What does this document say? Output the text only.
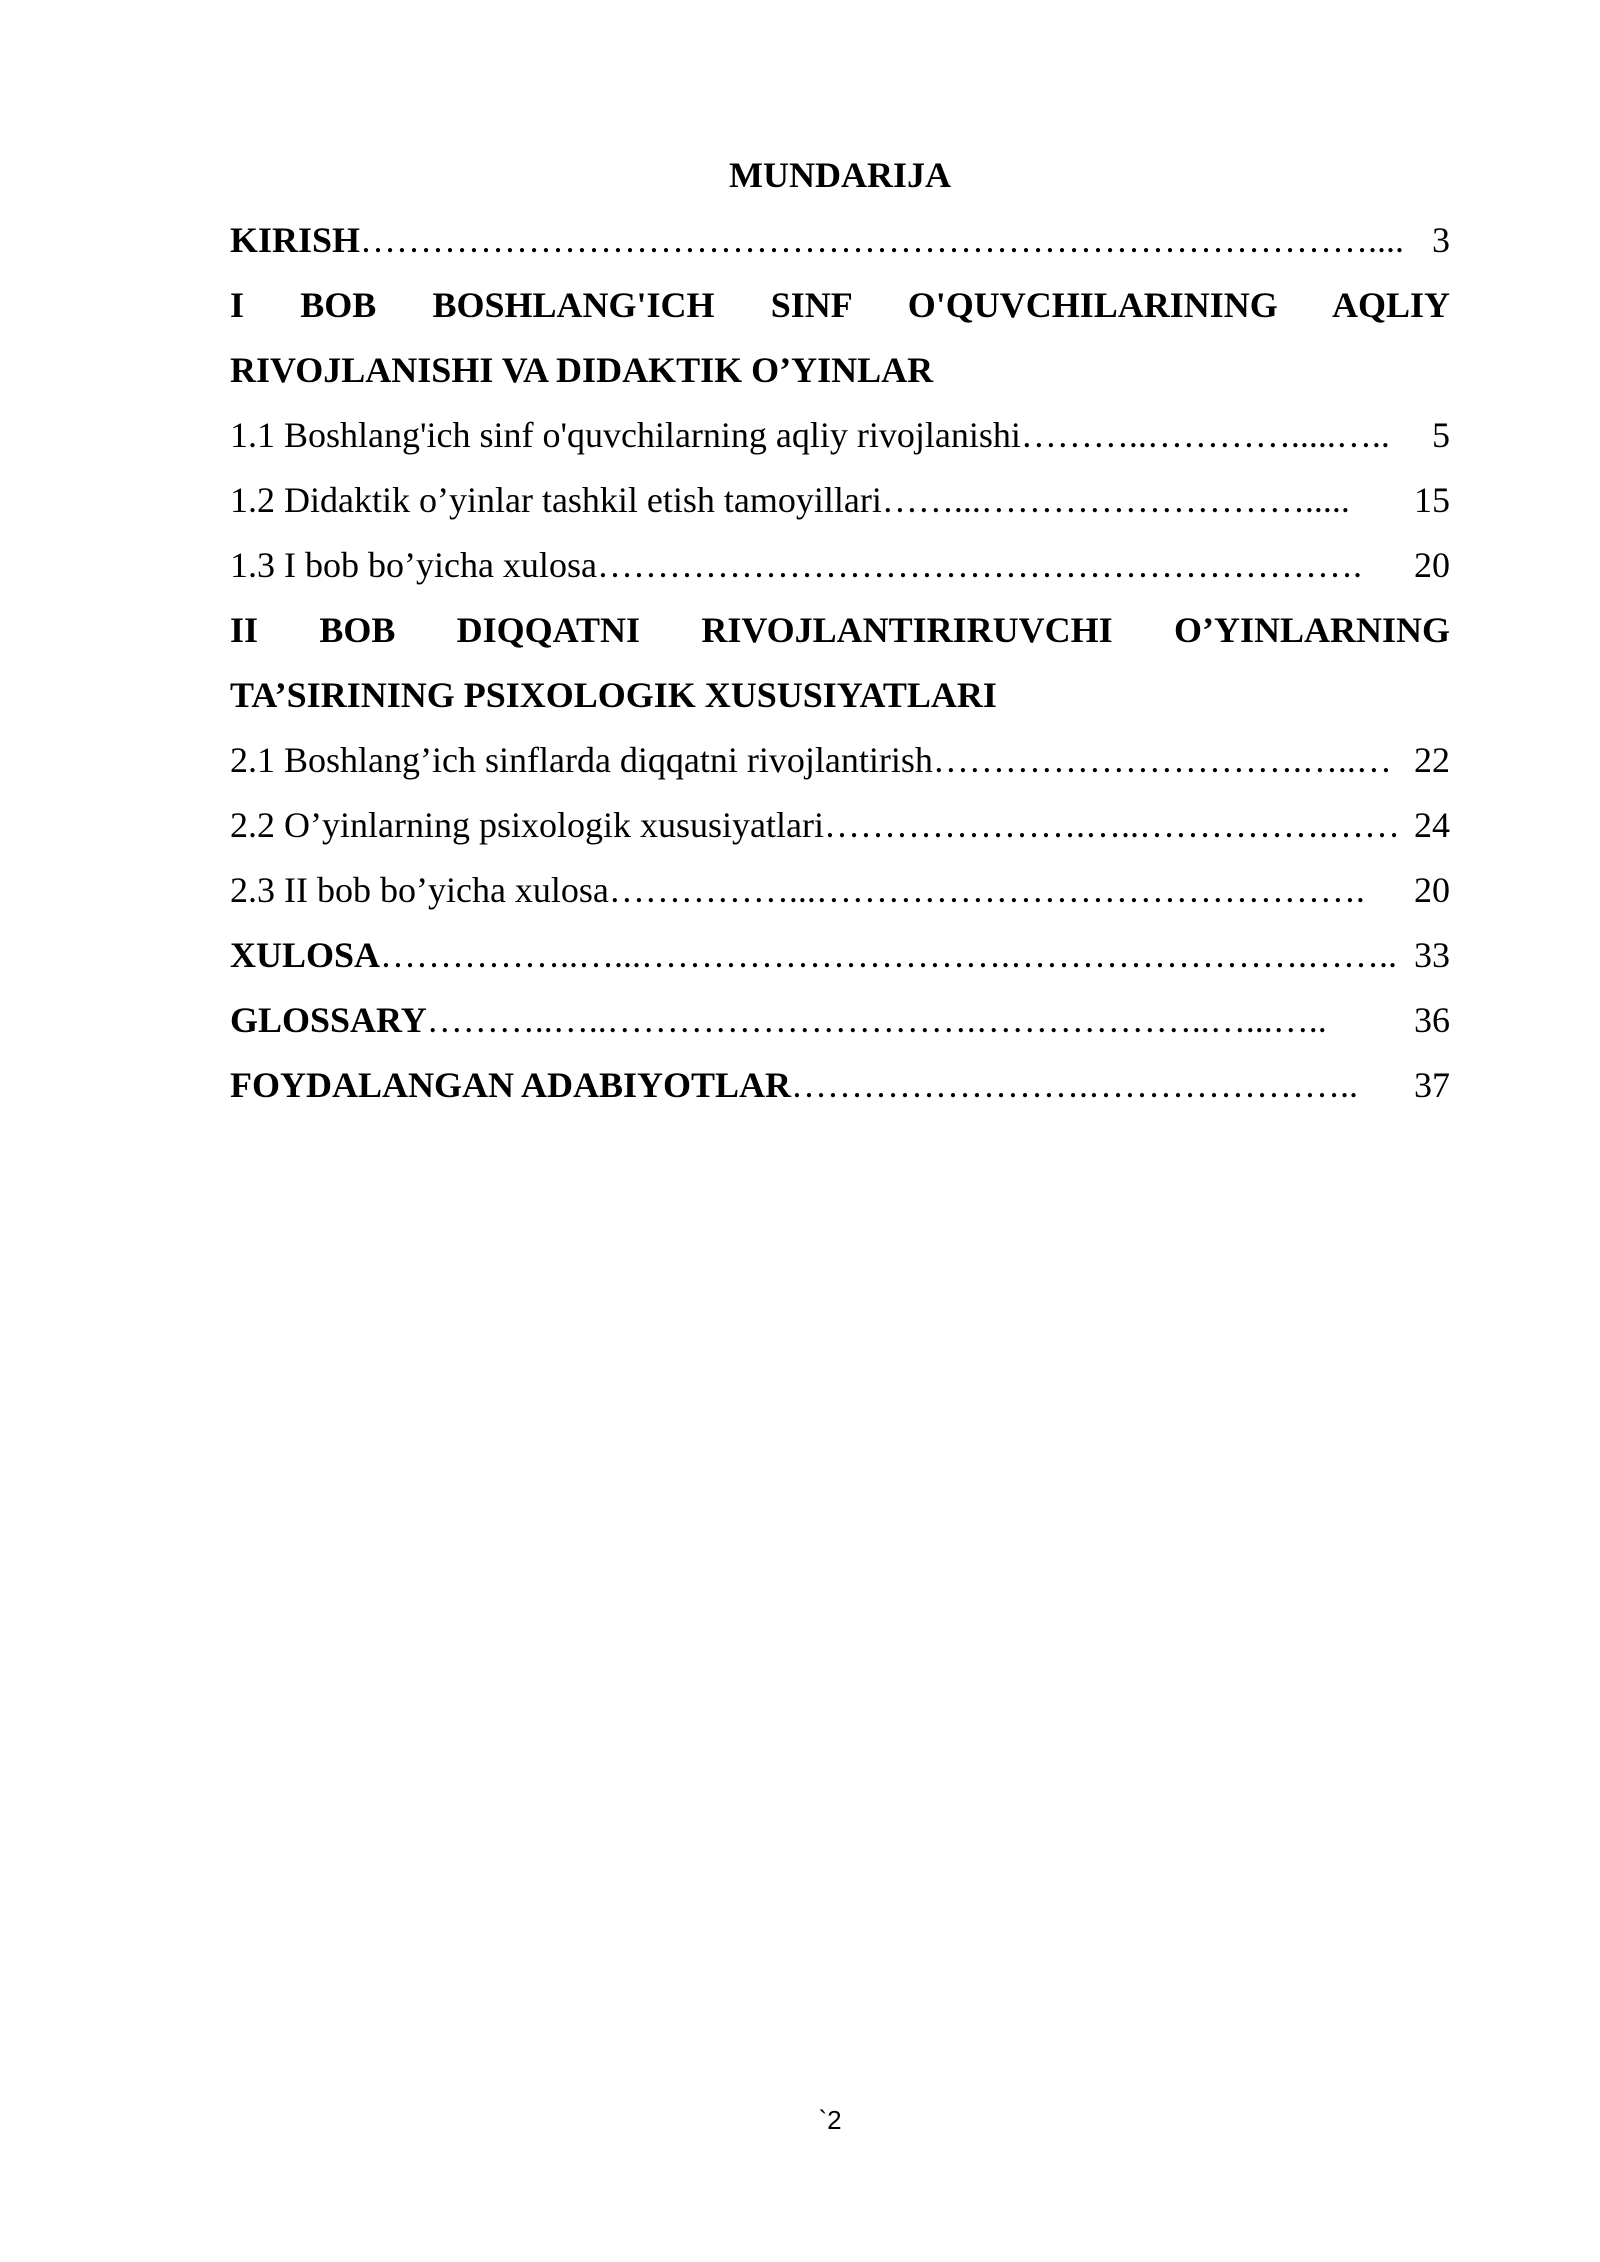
MUNDARIJA
KIRISH ………………………………………………………………………….... 3
I BOB BOSHLANG'ICH SINF O'QUVCHILARINING AQLIY
RIVOJLANISHI VA DIDAKTIK O’YINLAR
1.1 Boshlang'ich sinf o'quvchilarning aqliy rivojlanishi ………..………….....…..	5
1.2 Didaktik o’yinlar tashkil etish tamoyillari ……...……………………….....	15
1.3 I bob bo’yicha xulosa ……………………………………………………….	20
II BOB DIQQATNI RIVOJLANTIRIRUVCHI O’YINLARNING
TA’SIRINING PSIXOLOGIK XUSUSIYATLARI
2.1 Boshlang’ich sinflarda diqqatni rivojlantirish ………………………….…..… 22
2.2 O’yinlarning psixologik xususiyatlari ………………….…..…………….…… 24
2.3 II bob bo’yicha xulosa ……………...……………………………………….	20
XULOSA ……………..…...………………………….…………………….…….. 33
GLOSSARY ………..…..………………………….………………..…...…..	36
FOYDALANGAN ADABIYOTLAR …………………….…………………..	37
`2
